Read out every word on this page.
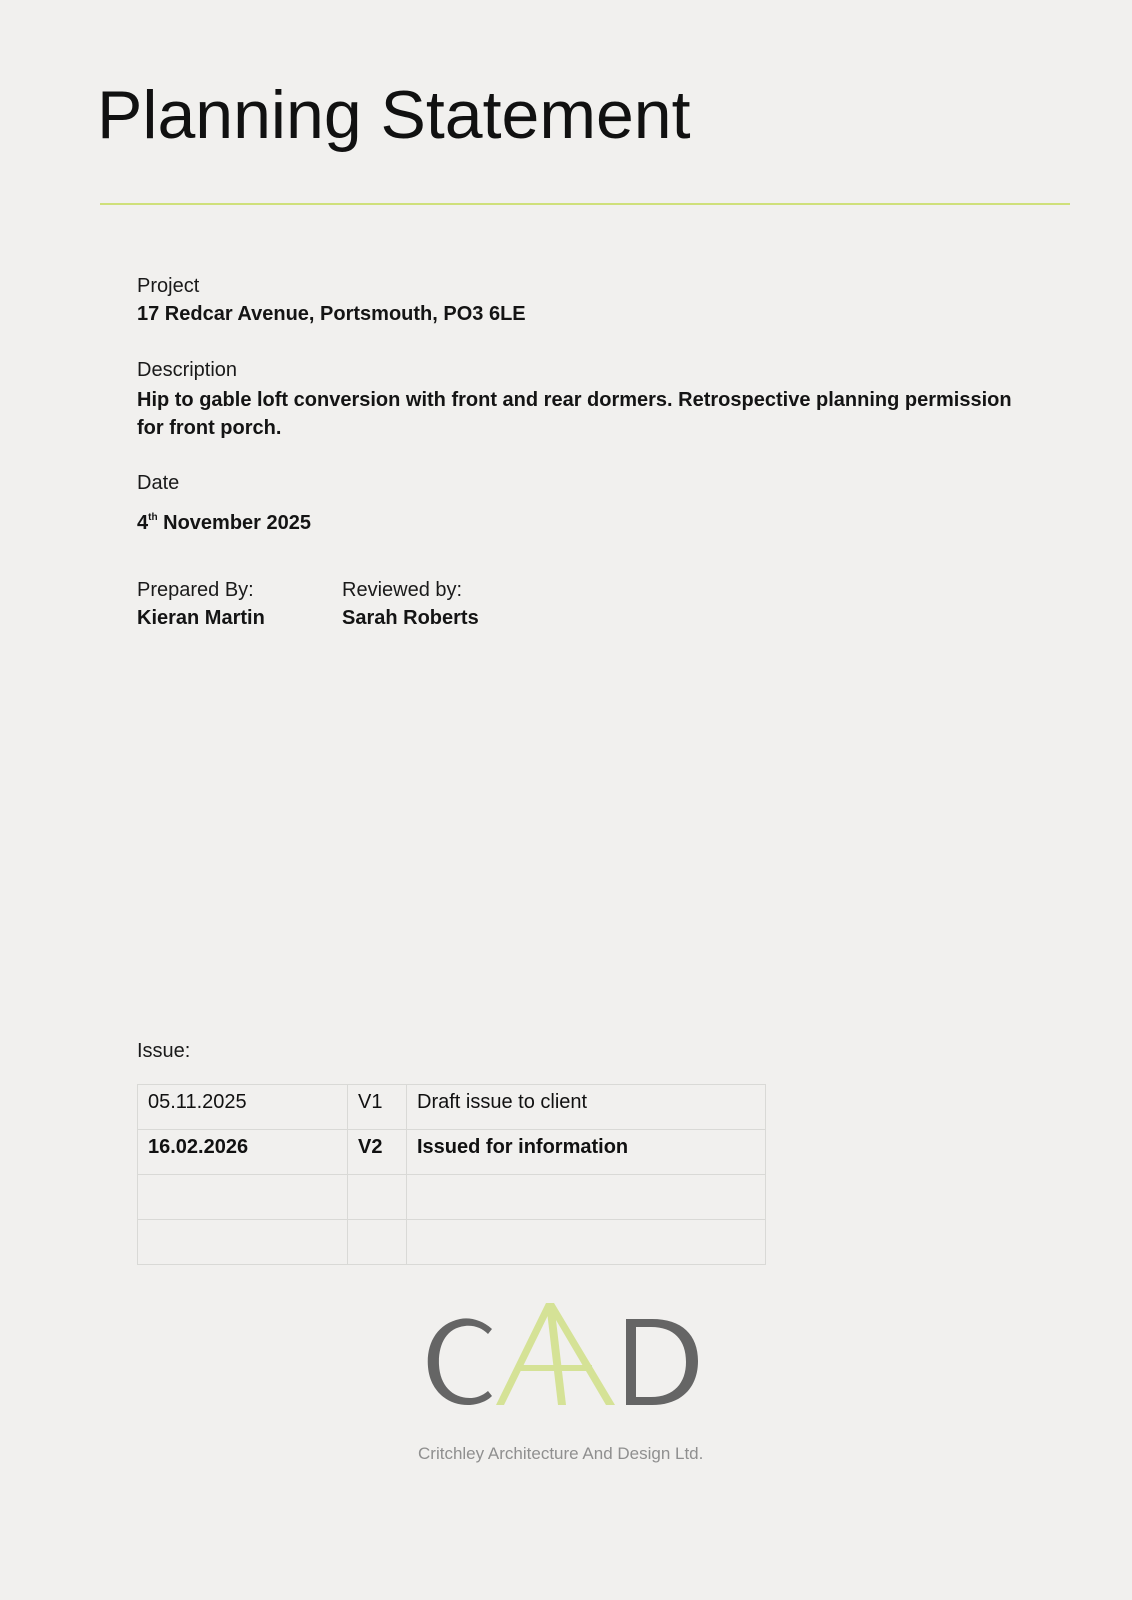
Planning Statement
Project
17 Redcar Avenue, Portsmouth, PO3 6LE
Description
Hip to gable loft conversion with front and rear dormers. Retrospective planning permission for front porch.
Date
4th November 2025
Prepared By:
Kieran Martin
Reviewed by:
Sarah Roberts
Issue:
05.11.2025	V1	Draft issue to client
16.02.2026	V2	Issued for information

Critchley Architecture And Design Ltd.
